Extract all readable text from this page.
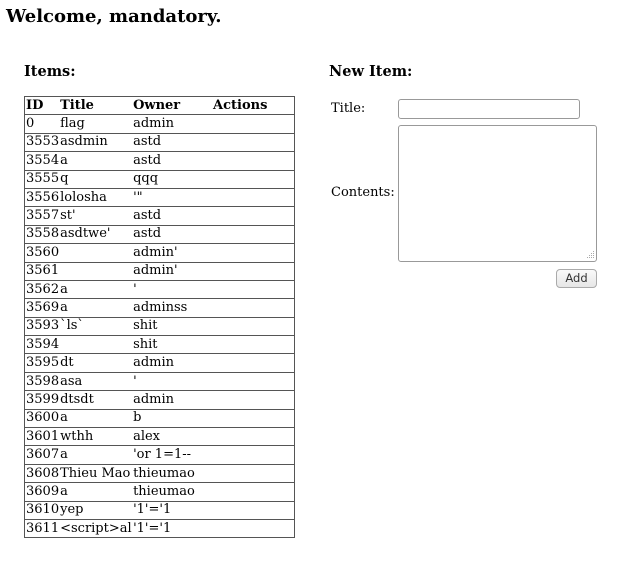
Welcome, mandatory.
Items:
ID	Title	Owner	Actions
0	flag	admin	
3553	asdmin	astd	
3554	a	astd	
3555	q	qqq	
3556	lolosha	'"	
3557	st'	astd	
3558	asdtwe'	astd	
3560		admin'	
3561		admin'	
3562	a	'	
3569	a	adminss	
3593	`ls`	shit	
3594		shit	
3595	dt	admin	
3598	asa	'	
3599	dtsdt	admin	
3600	a	b	
3601	wthh	alex	
3607	a	'or 1=1--	
3608	Thieu Mao	thieumao	
3609	a	thieumao	
3610	yep	'1'='1	
3611	<script>al	'1'='1	
New Item:
Title:
Contents:
Add
